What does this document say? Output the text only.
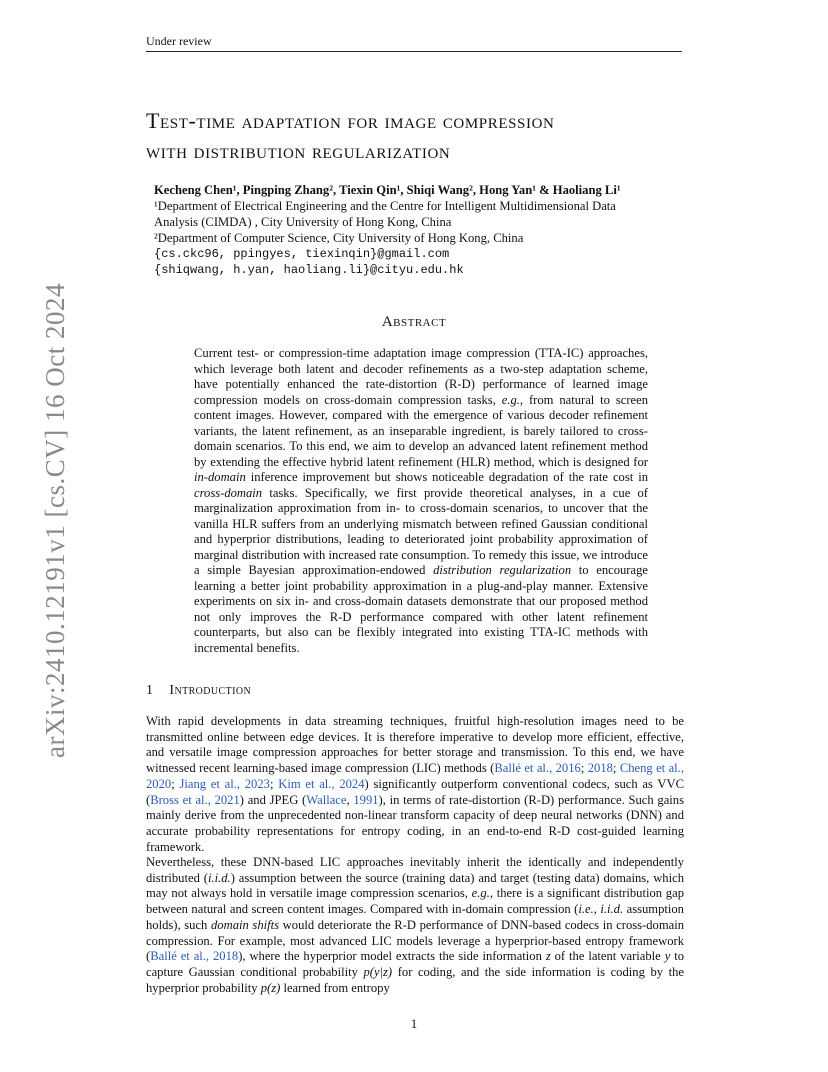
Under review
Test-time adaptation for image compression
with distribution regularization
Kecheng Chen¹, Pingping Zhang², Tiexin Qin¹, Shiqi Wang², Hong Yan¹ & Haoliang Li¹
¹Department of Electrical Engineering and the Centre for Intelligent Multidimensional Data
Analysis (CIMDA) , City University of Hong Kong, China
²Department of Computer Science, City University of Hong Kong, China
{cs.ckc96, ppingyes, tiexinqin}@gmail.com
{shiqwang, h.yan, haoliang.li}@cityu.edu.hk
Abstract
Current test- or compression-time adaptation image compression (TTA-IC) approaches, which leverage both latent and decoder refinements as a two-step adaptation scheme, have potentially enhanced the rate-distortion (R-D) performance of learned image compression models on cross-domain compression tasks, e.g., from natural to screen content images. However, compared with the emergence of various decoder refinement variants, the latent refinement, as an inseparable ingredient, is barely tailored to cross-domain scenarios. To this end, we aim to develop an advanced latent refinement method by extending the effective hybrid latent refinement (HLR) method, which is designed for in-domain inference improvement but shows noticeable degradation of the rate cost in cross-domain tasks. Specifically, we first provide theoretical analyses, in a cue of marginalization approximation from in- to cross-domain scenarios, to uncover that the vanilla HLR suffers from an underlying mismatch between refined Gaussian conditional and hyperprior distributions, leading to deteriorated joint probability approximation of marginal distribution with increased rate consumption. To remedy this issue, we introduce a simple Bayesian approximation-endowed distribution regularization to encourage learning a better joint probability approximation in a plug-and-play manner. Extensive experiments on six in- and cross-domain datasets demonstrate that our proposed method not only improves the R-D performance compared with other latent refinement counterparts, but also can be flexibly integrated into existing TTA-IC methods with incremental benefits.
1 Introduction
With rapid developments in data streaming techniques, fruitful high-resolution images need to be transmitted online between edge devices. It is therefore imperative to develop more efficient, effective, and versatile image compression approaches for better storage and transmission. To this end, we have witnessed recent learning-based image compression (LIC) methods (Ballé et al., 2016; 2018; Cheng et al., 2020; Jiang et al., 2023; Kim et al., 2024) significantly outperform conventional codecs, such as VVC (Bross et al., 2021) and JPEG (Wallace, 1991), in terms of rate-distortion (R-D) performance. Such gains mainly derive from the unprecedented non-linear transform capacity of deep neural networks (DNN) and accurate probability representations for entropy coding, in an end-to-end R-D cost-guided learning framework.
Nevertheless, these DNN-based LIC approaches inevitably inherit the identically and independently distributed (i.i.d.) assumption between the source (training data) and target (testing data) domains, which may not always hold in versatile image compression scenarios, e.g., there is a significant distribution gap between natural and screen content images. Compared with in-domain compression (i.e., i.i.d. assumption holds), such domain shifts would deteriorate the R-D performance of DNN-based codecs in cross-domain compression. For example, most advanced LIC models leverage a hyperprior-based entropy framework (Ballé et al., 2018), where the hyperprior model extracts the side information z of the latent variable y to capture Gaussian conditional probability p(y|z) for coding, and the side information is coding by the hyperprior probability p(z) learned from entropy
1
arXiv:2410.12191v1 [cs.CV] 16 Oct 2024
